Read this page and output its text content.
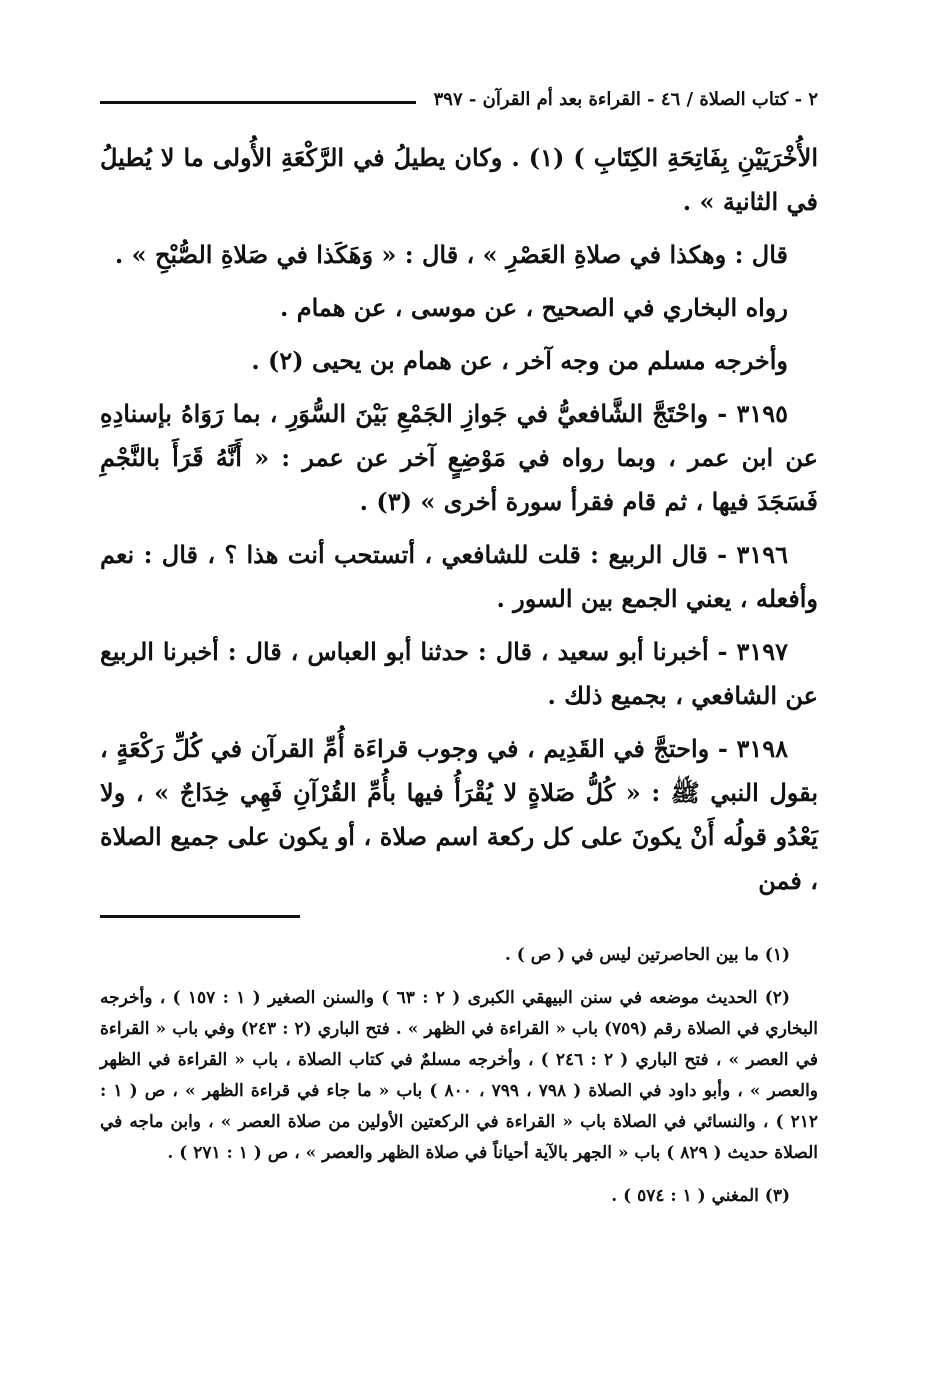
٢ - كتاب الصلاة / ٤٦ - القراءة بعد أم القرآن - ٣٩٧

الأُخْرَيَيْنِ بِفَاتِحَةِ الكِتَابِ ) (١) . وكان يطيلُ في الرَّكْعَةِ الأُولى ما لا يُطيلُ في الثانية » .

قال : وهكذا في صلاةِ العَصْرِ » ، قال : « وَهَكَذا في صَلاةِ الصُّبْحِ » .

رواه البخاري في الصحيح ، عن موسى ، عن همام .

وأخرجه مسلم من وجه آخر ، عن همام بن يحيى (٢) .

٣١٩٥ - واحْتَجَّ الشَّافعيُّ في جَوازِ الجَمْعِ بَيْنَ السُّوَرِ ، بما رَوَاهُ بإسنادِهِ عن ابن عمر ، وبما رواه في مَوْضِعٍ آخر عن عمر : « أَنَّهُ قَرَأَ بالنَّجْمِ فَسَجَدَ فيها ، ثم قام فقرأ سورة أخرى » (٣) .

٣١٩٦ - قال الربيع : قلت للشافعي ، أتستحب أنت هذا ؟ ، قال : نعم وأفعله ، يعني الجمع بين السور .

٣١٩٧ - أخبرنا أبو سعيد ، قال : حدثنا أبو العباس ، قال : أخبرنا الربيع عن الشافعي ، بجميع ذلك .

٣١٩٨ - واحتجَّ في القَدِيم ، في وجوب قراءَة أُمِّ القرآن في كُلِّ رَكْعَةٍ ، بقول النبي ﷺ : « كُلُّ صَلاةٍ لا يُقْرَأُ فيها بأُمِّ القُرْآنِ فَهِي خِدَاجٌ » ، ولا يَعْدُو قولُه أَنْ يكونَ على كل ركعة اسم صلاة ، أو يكون على جميع الصلاة ، فمن

(١) ما بين الحاصرتين ليس في ( ص ) .

(٢) الحديث موضعه في سنن البيهقي الكبرى ( ٢ : ٦٣ ) والسنن الصغير ( ١ : ١٥٧ ) ، وأخرجه البخاري في الصلاة رقم (٧٥٩) باب « القراءة في الظهر » . فتح الباري (٢ : ٢٤٣) وفي باب « القراءة في العصر » ، فتح الباري ( ٢ : ٢٤٦ ) ، وأخرجه مسلمٌ في كتاب الصلاة ، باب « القراءة في الظهر والعصر » ، وأبو داود في الصلاة ( ٧٩٨ ، ٧٩٩ ، ٨٠٠ ) باب « ما جاء في قراءة الظهر » ، ص ( ١ : ٢١٢ ) ، والنسائي في الصلاة باب « القراءة في الركعتين الأولين من صلاة العصر » ، وابن ماجه في الصلاة حديث ( ٨٢٩ ) باب « الجهر بالآية أحياناً في صلاة الظهر والعصر » ، ص ( ١ : ٢٧١ ) .

(٣) المغني ( ١ : ٥٧٤ ) .
